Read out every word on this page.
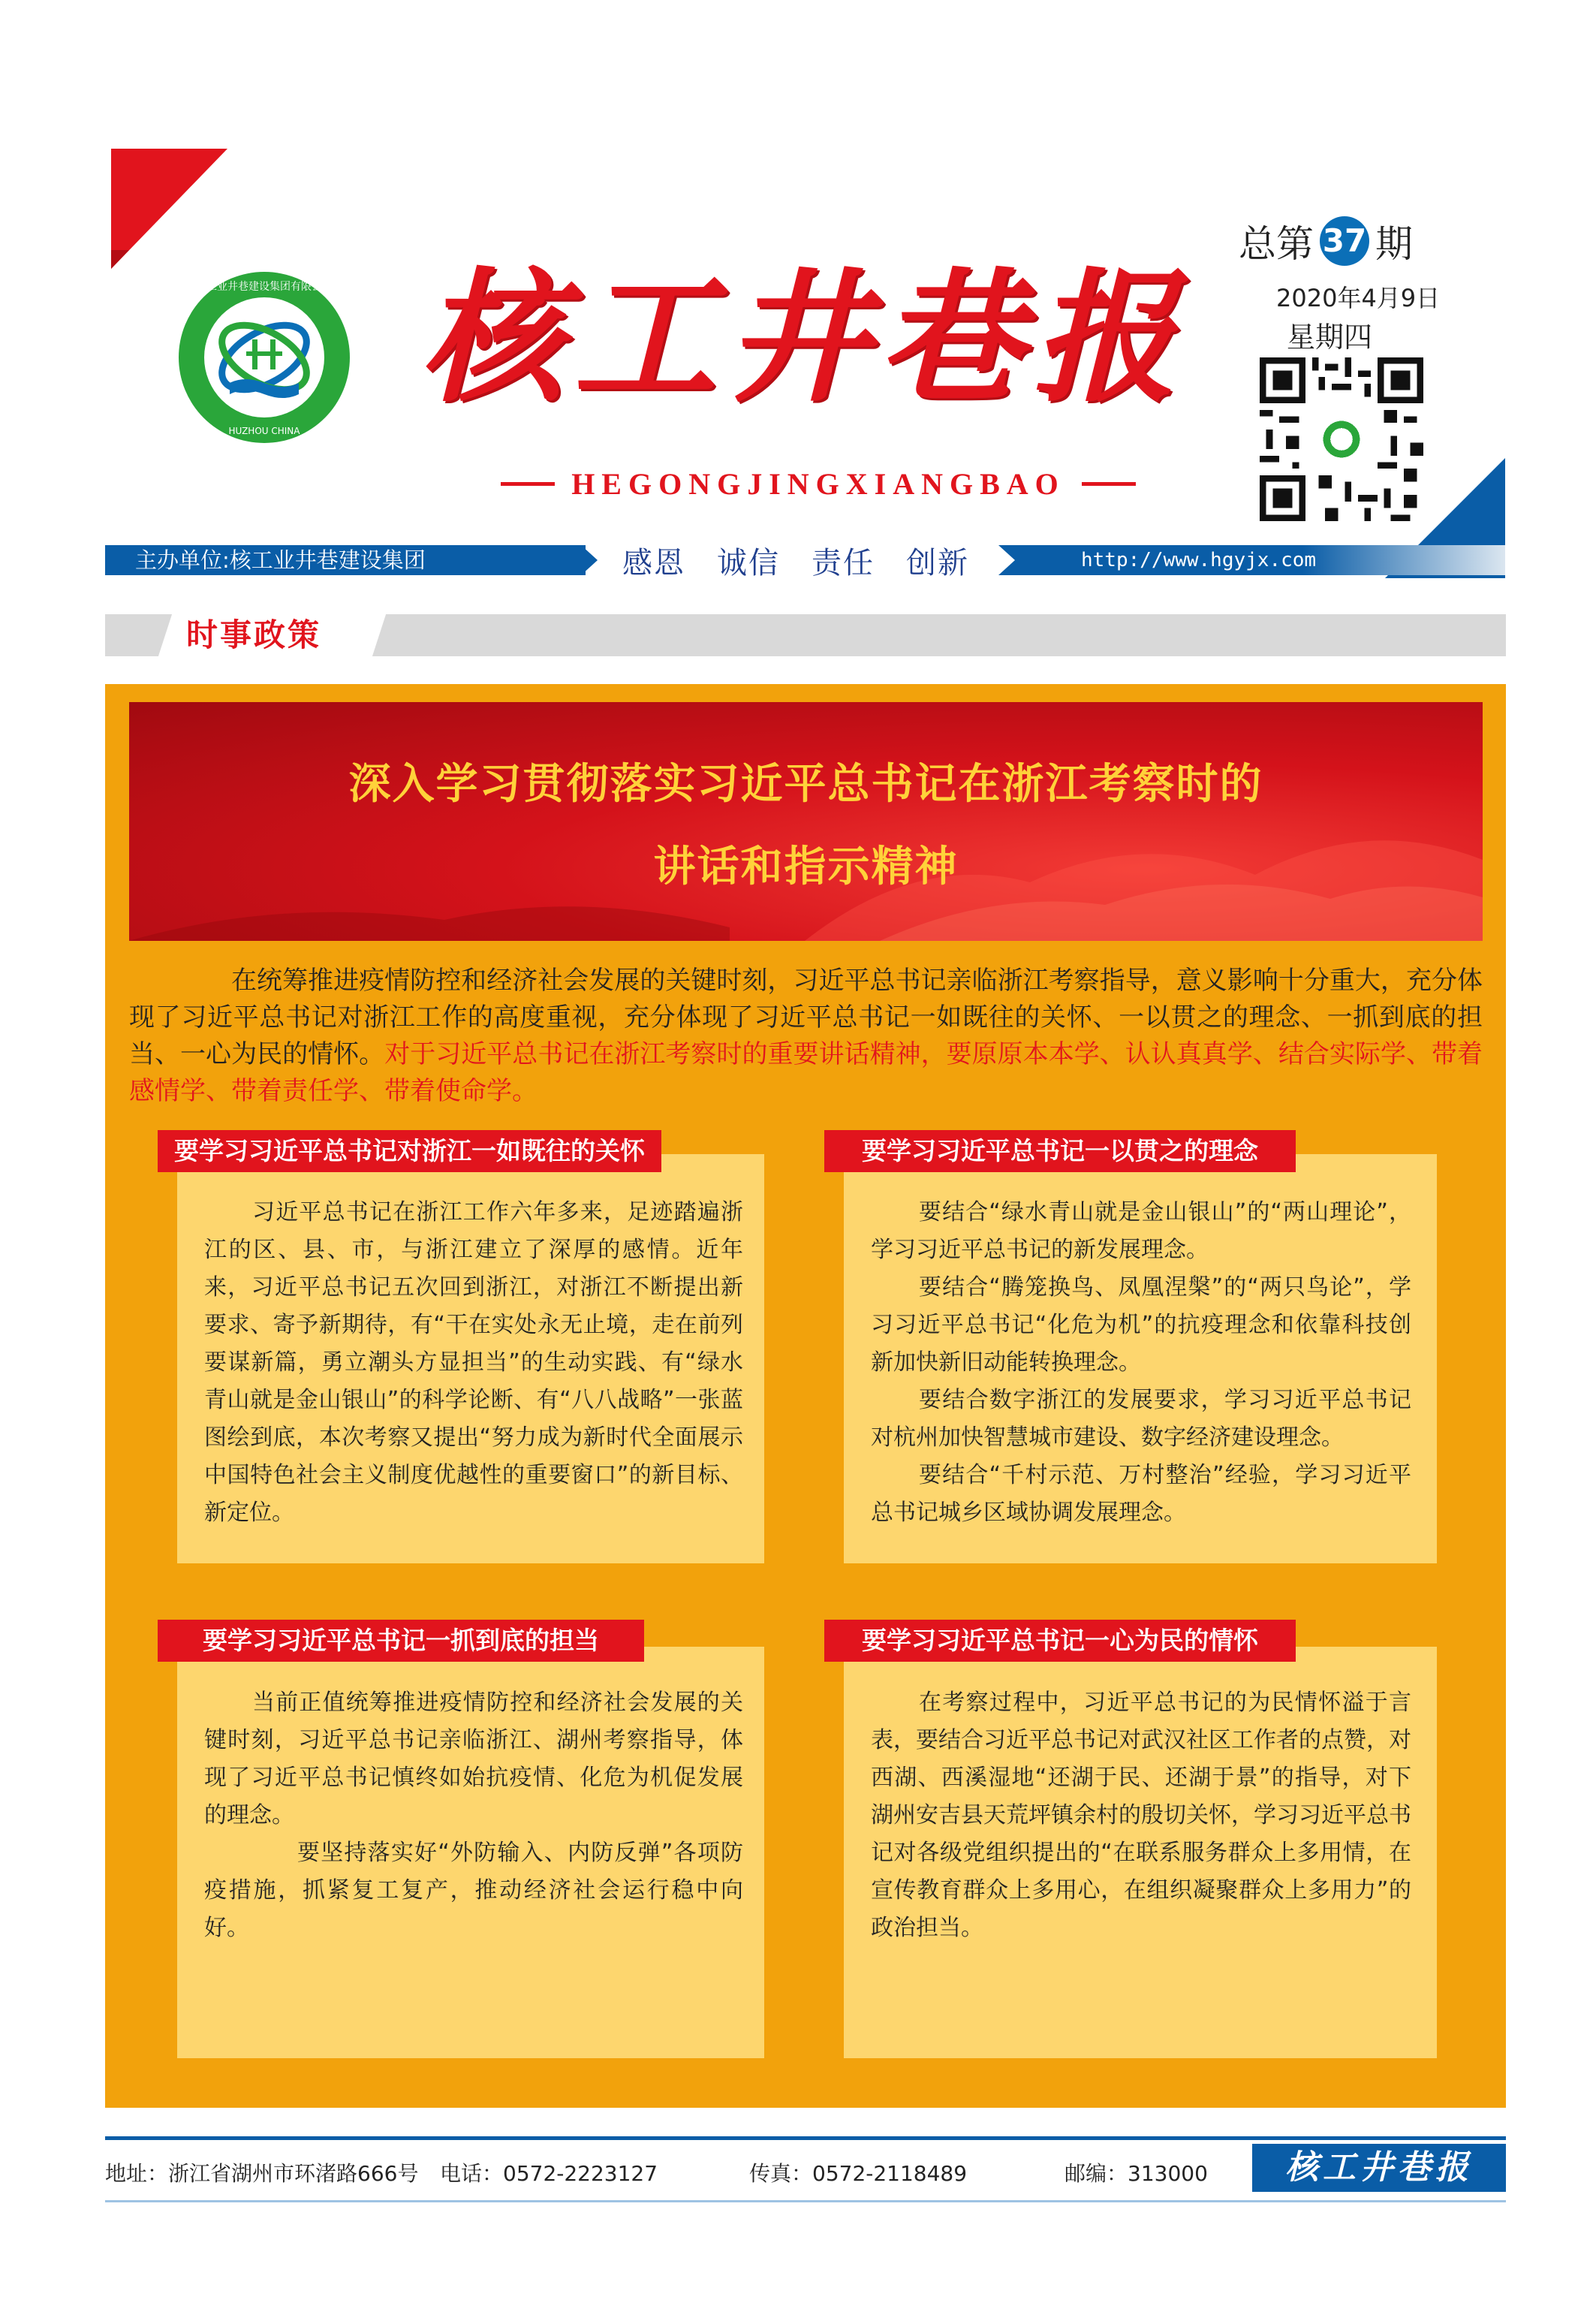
核工业井巷建设集团有限公司
HUZHOU CHINA
核工井巷报
HEGONGJINGXIANGBAO
总第 37 期
2020年4月9日
星期四
主办单位:核工业井巷建设集团	感恩 诚信 责任 创新	http://www.hgyjx.com
时事政策
深入学习贯彻落实习近平总书记在浙江考察时的
讲话和指示精神
在统筹推进疫情防控和经济社会发展的关键时刻，习近平总书记亲临浙江考察指导，意义影响十分重大，充分体现了习近平总书记对浙江工作的高度重视，充分体现了习近平总书记一如既往的关怀、一以贯之的理念、一抓到底的担当、一心为民的情怀。对于习近平总书记在浙江考察时的重要讲话精神，要原原本本学、认认真真学、结合实际学、带着感情学、带着责任学、带着使命学。
要学习习近平总书记对浙江一如既往的关怀

习近平总书记在浙江工作六年多来，足迹踏遍浙江的区、县、市，与浙江建立了深厚的感情。近年来，习近平总书记五次回到浙江，对浙江不断提出新要求、寄予新期待，有“干在实处永无止境，走在前列要谋新篇，勇立潮头方显担当”的生动实践、有“绿水青山就是金山银山”的科学论断、有“八八战略”一张蓝图绘到底，本次考察又提出“努力成为新时代全面展示中国特色社会主义制度优越性的重要窗口”的新目标、新定位。

要学习习近平总书记一以贯之的理念

要结合“绿水青山就是金山银山”的“两山理论”，学习习近平总书记的新发展理念。

要结合“腾笼换鸟、凤凰涅槃”的“两只鸟论”，学习习近平总书记“化危为机”的抗疫理念和依靠科技创新加快新旧动能转换理念。

要结合数字浙江的发展要求，学习习近平总书记对杭州加快智慧城市建设、数字经济建设理念。

要结合“千村示范、万村整治”经验，学习习近平总书记城乡区域协调发展理念。

要学习习近平总书记一抓到底的担当

当前正值统筹推进疫情防控和经济社会发展的关键时刻，习近平总书记亲临浙江、湖州考察指导，体现了习近平总书记慎终如始抗疫情、化危为机促发展的理念。

要坚持落实好“外防输入、内防反弹”各项防疫措施，抓紧复工复产，推动经济社会运行稳中向好。

要学习习近平总书记一心为民的情怀

在考察过程中，习近平总书记的为民情怀溢于言表，要结合习近平总书记对武汉社区工作者的点赞，对西湖、西溪湿地“还湖于民、还湖于景”的指导，对下湖州安吉县天荒坪镇余村的殷切关怀，学习习近平总书记对各级党组织提出的“在联系服务群众上多用情，在宣传教育群众上多用心，在组织凝聚群众上多用力”的政治担当。

地址：浙江省湖州市环渚路666号 电话：0572-2223127	传真：0572-2118489	邮编：313000	核工井巷报
